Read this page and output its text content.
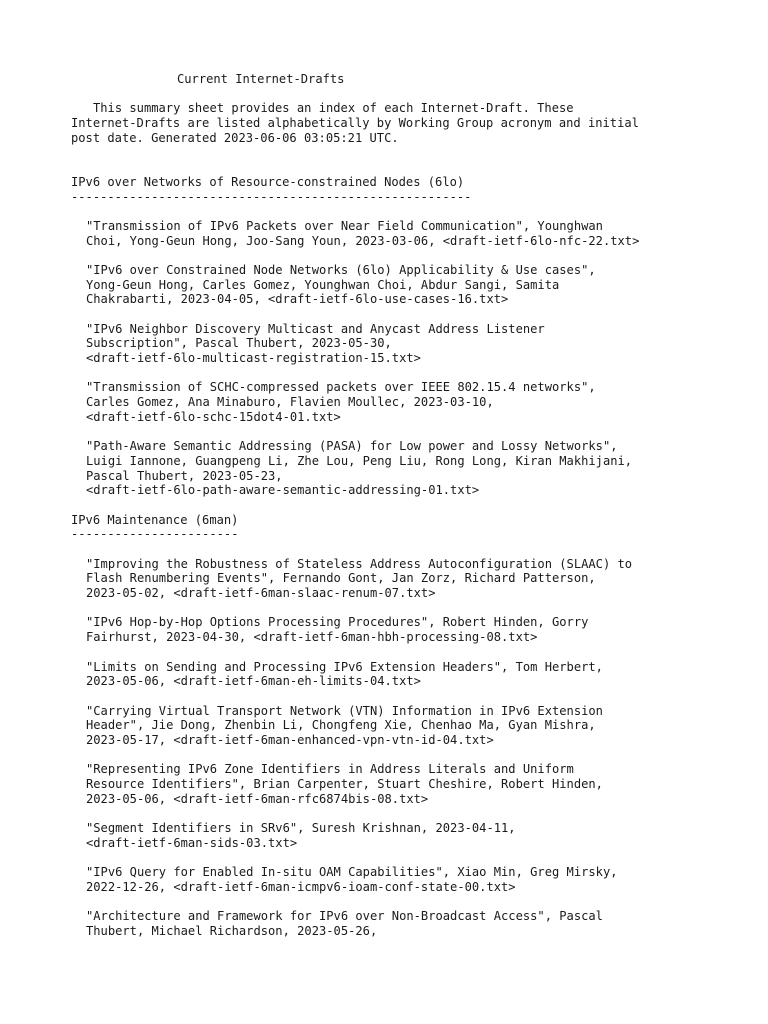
Current Internet-Drafts
This summary sheet provides an index of each Internet-Draft. These
Internet-Drafts are listed alphabetically by Working Group acronym and initial
post date. Generated 2023-06-06 03:05:21 UTC.
IPv6 over Networks of Resource-constrained Nodes (6lo)
-------------------------------------------------------
"Transmission of IPv6 Packets over Near Field Communication", Younghwan
Choi, Yong-Geun Hong, Joo-Sang Youn, 2023-03-06, <draft-ietf-6lo-nfc-22.txt>
"IPv6 over Constrained Node Networks (6lo) Applicability & Use cases",
Yong-Geun Hong, Carles Gomez, Younghwan Choi, Abdur Sangi, Samita
Chakrabarti, 2023-04-05, <draft-ietf-6lo-use-cases-16.txt>
"IPv6 Neighbor Discovery Multicast and Anycast Address Listener
Subscription", Pascal Thubert, 2023-05-30,
<draft-ietf-6lo-multicast-registration-15.txt>
"Transmission of SCHC-compressed packets over IEEE 802.15.4 networks",
Carles Gomez, Ana Minaburo, Flavien Moullec, 2023-03-10,
<draft-ietf-6lo-schc-15dot4-01.txt>
"Path-Aware Semantic Addressing (PASA) for Low power and Lossy Networks",
Luigi Iannone, Guangpeng Li, Zhe Lou, Peng Liu, Rong Long, Kiran Makhijani,
Pascal Thubert, 2023-05-23,
<draft-ietf-6lo-path-aware-semantic-addressing-01.txt>
IPv6 Maintenance (6man)
-----------------------
"Improving the Robustness of Stateless Address Autoconfiguration (SLAAC) to
Flash Renumbering Events", Fernando Gont, Jan Zorz, Richard Patterson,
2023-05-02, <draft-ietf-6man-slaac-renum-07.txt>
"IPv6 Hop-by-Hop Options Processing Procedures", Robert Hinden, Gorry
Fairhurst, 2023-04-30, <draft-ietf-6man-hbh-processing-08.txt>
"Limits on Sending and Processing IPv6 Extension Headers", Tom Herbert,
2023-05-06, <draft-ietf-6man-eh-limits-04.txt>
"Carrying Virtual Transport Network (VTN) Information in IPv6 Extension
Header", Jie Dong, Zhenbin Li, Chongfeng Xie, Chenhao Ma, Gyan Mishra,
2023-05-17, <draft-ietf-6man-enhanced-vpn-vtn-id-04.txt>
"Representing IPv6 Zone Identifiers in Address Literals and Uniform
Resource Identifiers", Brian Carpenter, Stuart Cheshire, Robert Hinden,
2023-05-06, <draft-ietf-6man-rfc6874bis-08.txt>
"Segment Identifiers in SRv6", Suresh Krishnan, 2023-04-11,
<draft-ietf-6man-sids-03.txt>
"IPv6 Query for Enabled In-situ OAM Capabilities", Xiao Min, Greg Mirsky,
2022-12-26, <draft-ietf-6man-icmpv6-ioam-conf-state-00.txt>
"Architecture and Framework for IPv6 over Non-Broadcast Access", Pascal
Thubert, Michael Richardson, 2023-05-26,
